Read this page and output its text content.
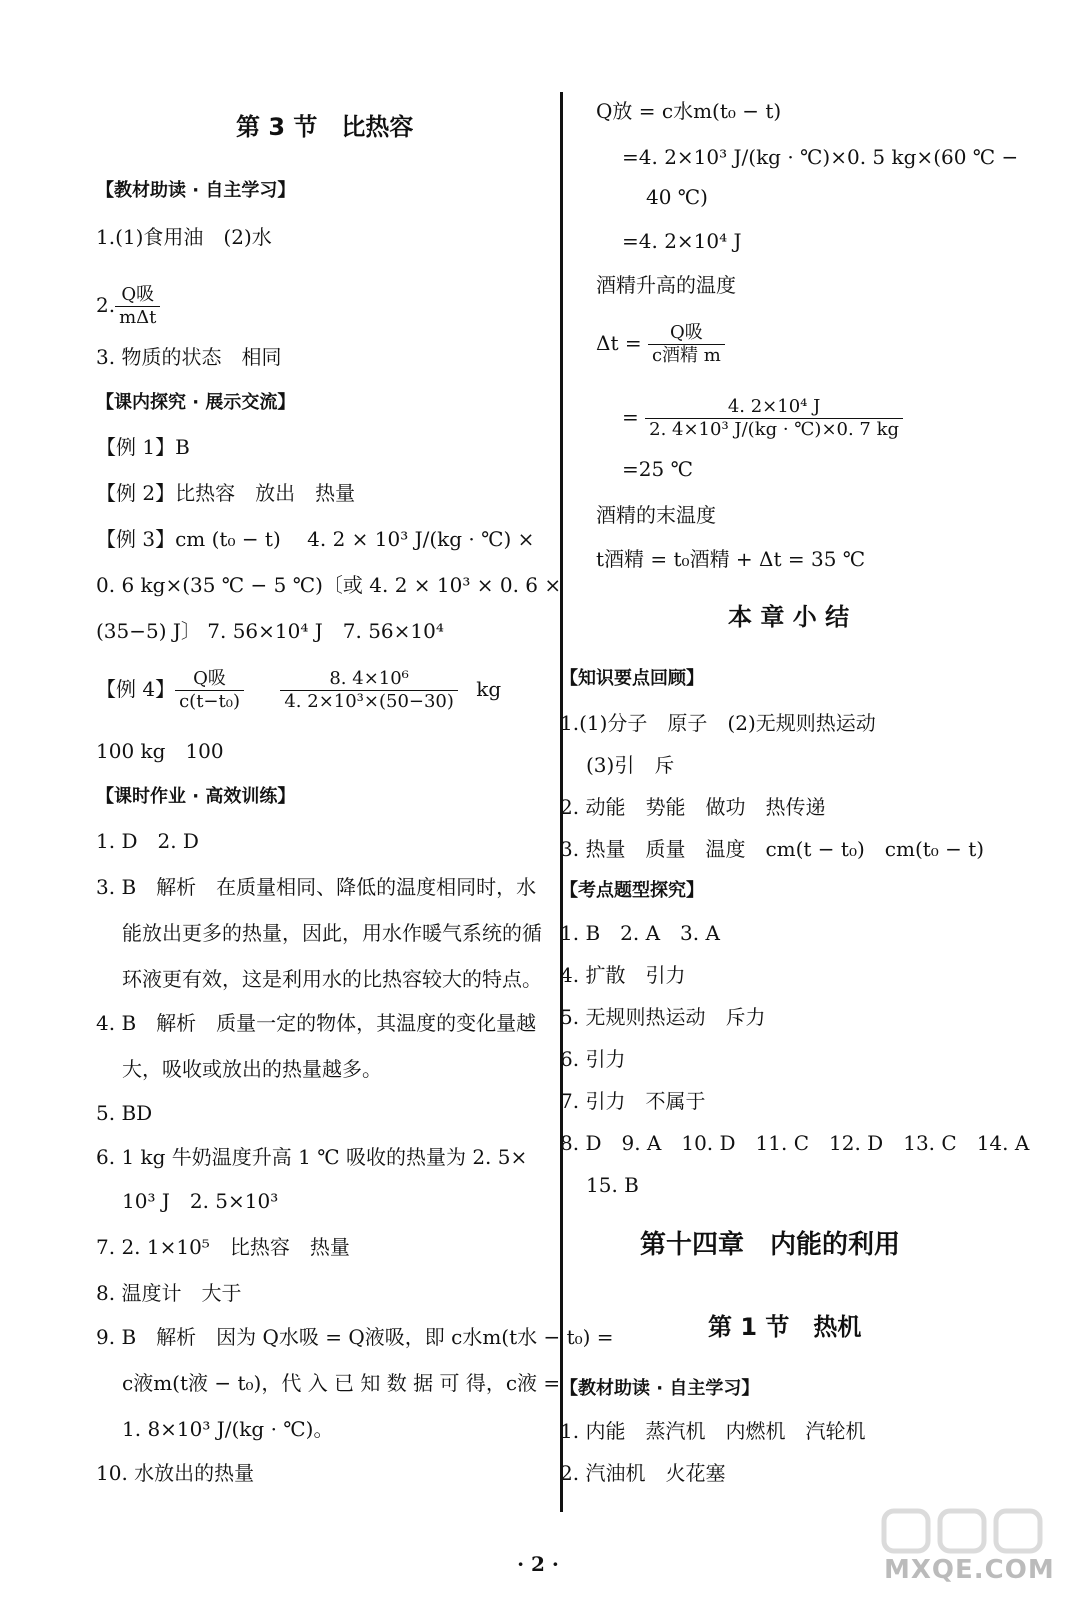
第 3 节　比热容
【教材助读 · 自主学习】
1.(1)食用油　(2)水
2. $\frac{\text{Q吸}}{\text{mΔt}}$
3. 物质的状态　相同
【课内探究 · 展示交流】
【例 1】B
【例 2】比热容　放出　热量
【例 3】cm (t₀ − t)　 4. 2 × 10³ J/(kg · ℃) ×
0. 6 kg×(35 ℃ − 5 ℃)〔或 4. 2 × 10³ × 0. 6 ×
(35−5) J〕 7. 56×10⁴ J　7. 56×10⁴
【例 4】 $\frac{\text{Q吸}}{\text{c(t−t₀)}}$
$\frac{\text{8. 4×10⁶}}{\text{4. 2×10³×(50−30)}}$ kg
100 kg　100
【课时作业 · 高效训练】
1. D　2. D
3. B　解析　在质量相同、降低的温度相同时，水
能放出更多的热量，因此，用水作暖气系统的循
环液更有效，这是利用水的比热容较大的特点。
4. B　解析　质量一定的物体，其温度的变化量越
大，吸收或放出的热量越多。
5. BD
6. 1 kg 牛奶温度升高 1 ℃ 吸收的热量为 2. 5×
10³ J　2. 5×10³
7. 2. 1×10⁵　比热容　热量
8. 温度计　大于
9. B　解析　因为 Q水吸 = Q液吸，即 c水m(t水 − t₀) =
c液m(t液 − t₀)，代 入 已 知 数 据 可 得，c液 =
1. 8×10³ J/(kg · ℃)。
10. 水放出的热量
Q放 = c水m(t₀ − t)
=4. 2×10³ J/(kg · ℃)×0. 5 kg×(60 ℃ −
40 ℃)
=4. 2×10⁴ J
酒精升高的温度
$\Delta t = \frac{\text{Q吸}}{\text{c酒精 m}}$
= $\frac{\text{4. 2×10⁴ J}}{\text{2. 4×10³ J/(kg · ℃)×0. 7 kg}}$
=25 ℃
酒精的末温度
t酒精 = t₀酒精 + Δt = 35 ℃
本 章 小 结
【知识要点回顾】
1.(1)分子　原子　(2)无规则热运动
(3)引　斥
2. 动能　势能　做功　热传递
3. 热量　质量　温度　cm(t − t₀)　cm(t₀ − t)
【考点题型探究】
1. B　2. A　3. A
4. 扩散　引力
5. 无规则热运动　斥力
6. 引力
7. 引力　不属于
8. D　9. A　10. D　11. C　12. D　13. C　14. A
15. B
第十四章　内能的利用
第 1 节　热机
【教材助读 · 自主学习】
1. 内能　蒸汽机　内燃机　汽轮机
2. 汽油机　火花塞
· 2 ·	MXQE.COM
